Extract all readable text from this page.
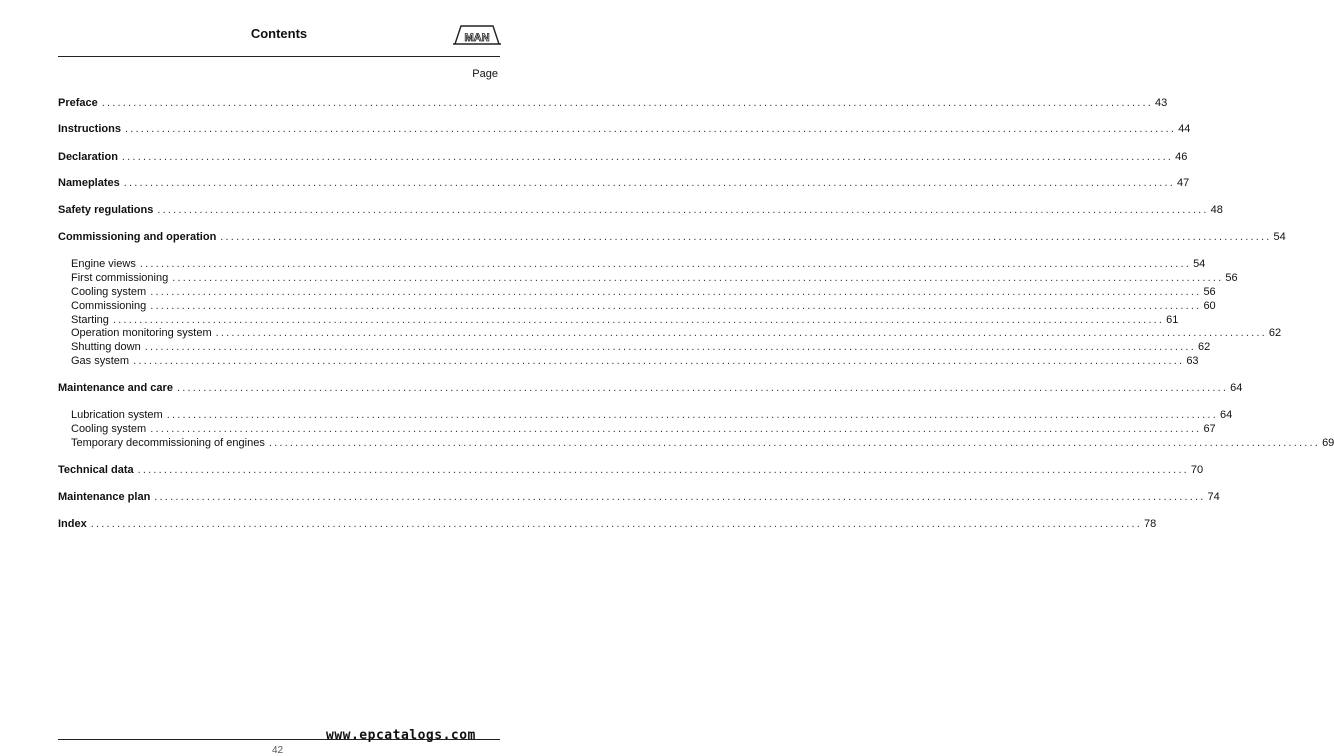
Contents	MAN
Page
Preface ........................................................................................................................................................................................................ 43
Instructions ........................................................................................................................................................................................................ 44
Declaration ........................................................................................................................................................................................................ 46
Nameplates ........................................................................................................................................................................................................ 47
Safety regulations ........................................................................................................................................................................................................ 48
Commissioning and operation ........................................................................................................................................................................................................ 54
Engine views ........................................................................................................................................................................................................ 54
First commissioning ........................................................................................................................................................................................................ 56
Cooling system ........................................................................................................................................................................................................ 56
Commissioning ........................................................................................................................................................................................................ 60
Starting ........................................................................................................................................................................................................ 61
Operation monitoring system ........................................................................................................................................................................................................ 62
Shutting down ........................................................................................................................................................................................................ 62
Gas system ........................................................................................................................................................................................................ 63
Maintenance and care ........................................................................................................................................................................................................ 64
Lubrication system ........................................................................................................................................................................................................ 64
Cooling system ........................................................................................................................................................................................................ 67
Temporary decommissioning of engines ........................................................................................................................................................................................................ 69
Technical data ........................................................................................................................................................................................................ 70
Maintenance plan ........................................................................................................................................................................................................ 74
Index ........................................................................................................................................................................................................ 78
www.epcatalogs.com
42
